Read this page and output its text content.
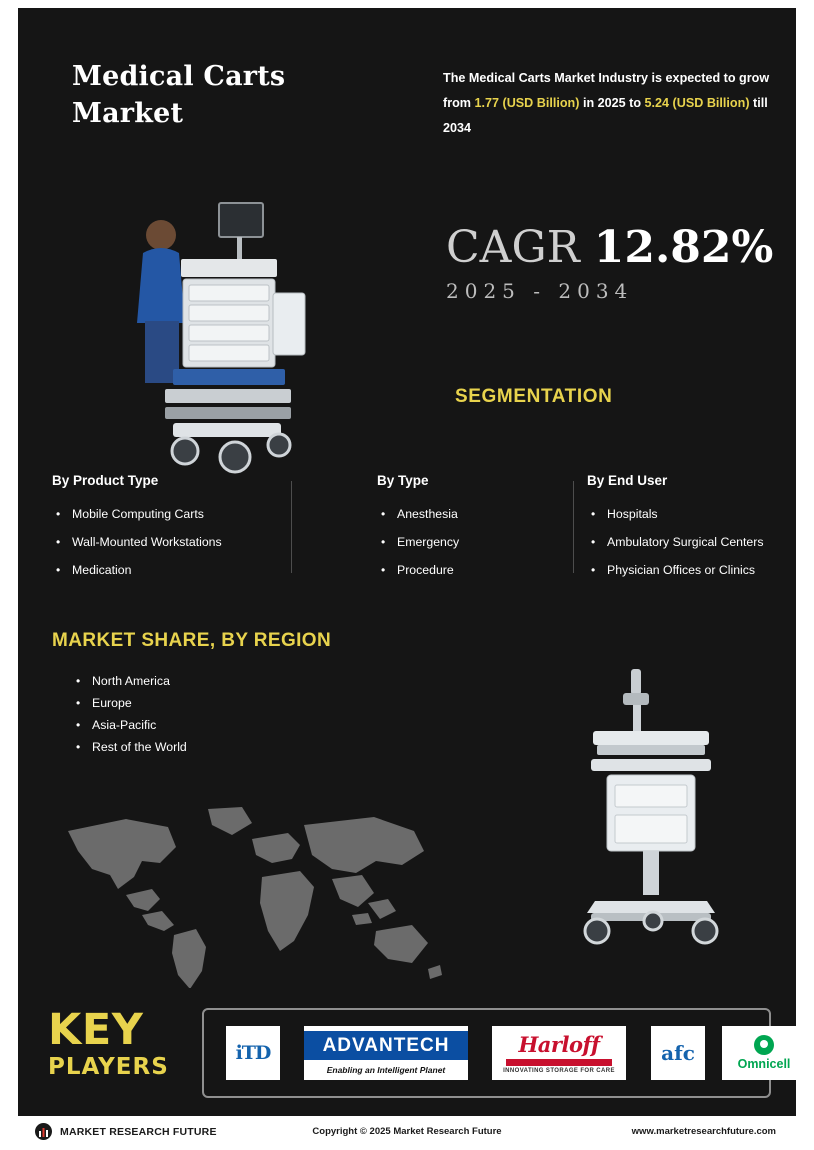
Medical Carts Market
The Medical Carts Market Industry is expected to grow from 1.77 (USD Billion) in 2025 to 5.24 (USD Billion) till 2034
CAGR 12.82%
2025 - 2034
SEGMENTATION
By Product Type
• Mobile Computing Carts
• Wall-Mounted Workstations
• Medication
By Type
• Anesthesia
• Emergency
• Procedure
By End User
• Hospitals
• Ambulatory Surgical Centers
• Physician Offices or Clinics
MARKET SHARE, BY REGION
• North America
• Europe
• Asia-Pacific
• Rest of the World
KEY
PLAYERS
iTD	ADVANTECH
Enabling an Intelligent Planet
Harloff
INNOVATING STORAGE FOR CARE
afc	Omnicell
MARKET RESEARCH FUTURE	Copyright © 2025 Market Research Future	www.marketresearchfuture.com
